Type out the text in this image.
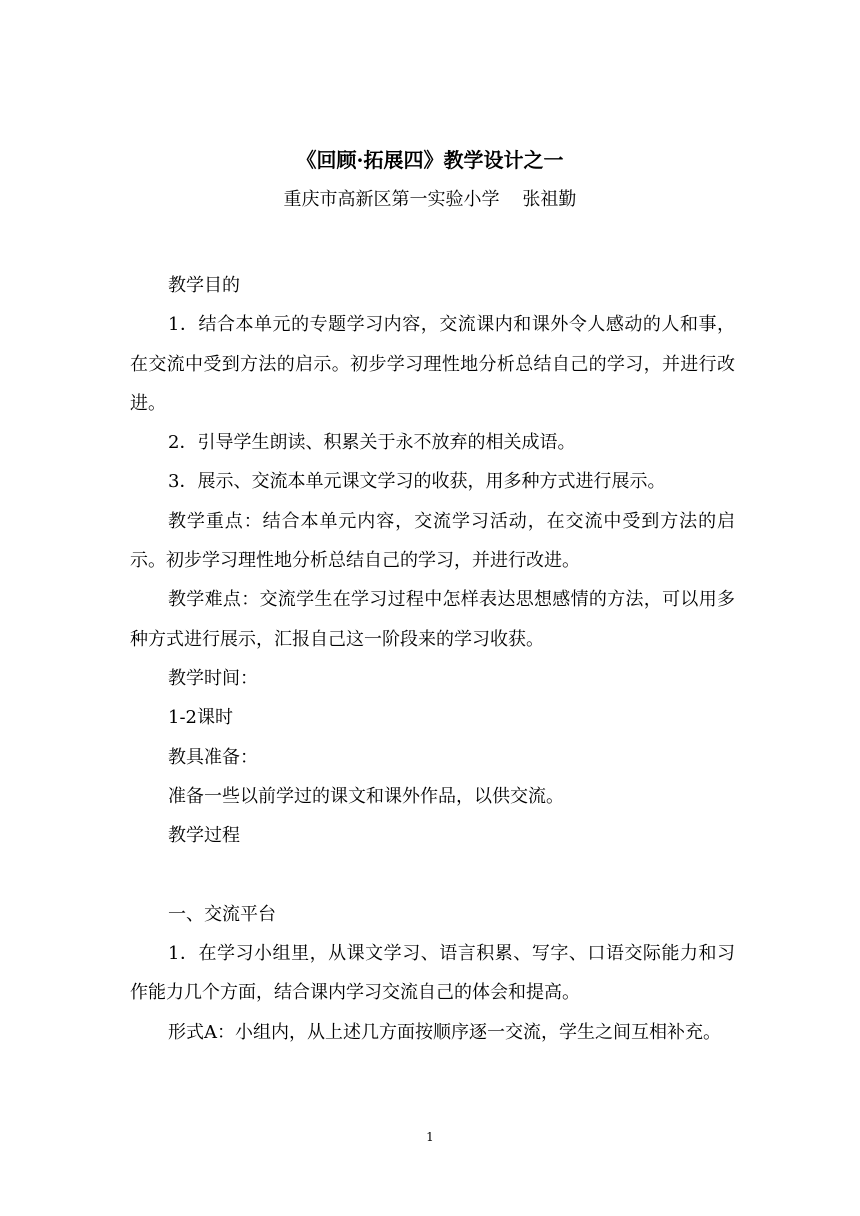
《回顾·拓展四》教学设计之一
重庆市高新区第一实验小学    张祖勤

教学目的

1．结合本单元的专题学习内容，交流课内和课外令人感动的人和事，在交流中受到方法的启示。初步学习理性地分析总结自己的学习，并进行改进。

2．引导学生朗读、积累关于永不放弃的相关成语。

3．展示、交流本单元课文学习的收获，用多种方式进行展示。

教学重点：结合本单元内容，交流学习活动，在交流中受到方法的启示。初步学习理性地分析总结自己的学习，并进行改进。

教学难点：交流学生在学习过程中怎样表达思想感情的方法，可以用多种方式进行展示，汇报自己这一阶段来的学习收获。

教学时间：

1-2课时

教具准备：

准备一些以前学过的课文和课外作品，以供交流。

教学过程

一、交流平台

1．在学习小组里，从课文学习、语言积累、写字、口语交际能力和习作能力几个方面，结合课内学习交流自己的体会和提高。

形式A：小组内，从上述几方面按顺序逐一交流，学生之间互相补充。

1
